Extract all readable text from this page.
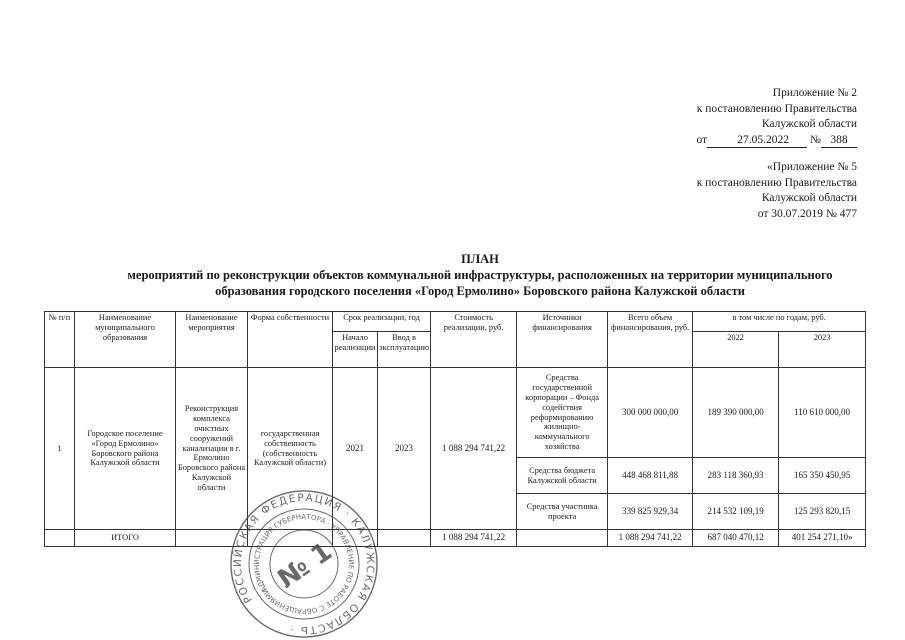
Приложение № 2
к постановлению Правительства
Калужской области
от	27.05.2022 № 388
«Приложение № 5
к постановлению Правительства
Калужской области
от 30.07.2019 № 477
ПЛАН
мероприятий по реконструкции объектов коммунальной инфраструктуры, расположенных на территории муниципального
образования городского поселения «Город Ермолино» Боровского района Калужской области
№ п/п	Наименование муниципального образования	Наименование мероприятия	Форма собственности	Срок реализации, год		Стоимость реализации, руб.	Источники финансирования	Всего объем финансирования, руб.	в том числе по годам, руб.	
				Начало реализации	Ввод в эксплуатацию				2022	2023
1	Городское поселение «Город Ермолино» Боровского района Калужской области	Реконструкция комплекса очистных сооружений канализации в г. Ермолино Боровского района Калужской области	государственная собственность (собственность Калужской области)	2021	2023	1 088 294 741,22	Средства государственной корпорации – Фонда содействия реформированию жилищно-коммунального хозяйства	300 000 000,00	189 390 000,00	110 610 000,00
							Средства бюджета Калужской области	448 468 811,88	283 118 360,93	165 350 450,95
							Средства участника проекта	339 825 929,34	214 532 109,19	125 293 820,15
	ИТОГО					1 088 294 741,22		1 088 294 741,22	687 040 470,12	401 254 271,10»
РОССИЙСКАЯ ФЕДЕРАЦИЯ · КАЛУЖСКАЯ ОБЛАСТЬ ·
АДМИНИСТРАЦИЯ ГУБЕРНАТОРА · УПРАВЛЕНИЕ ПО РАБОТЕ С ОБРАЩЕНИЯМИ № 1
